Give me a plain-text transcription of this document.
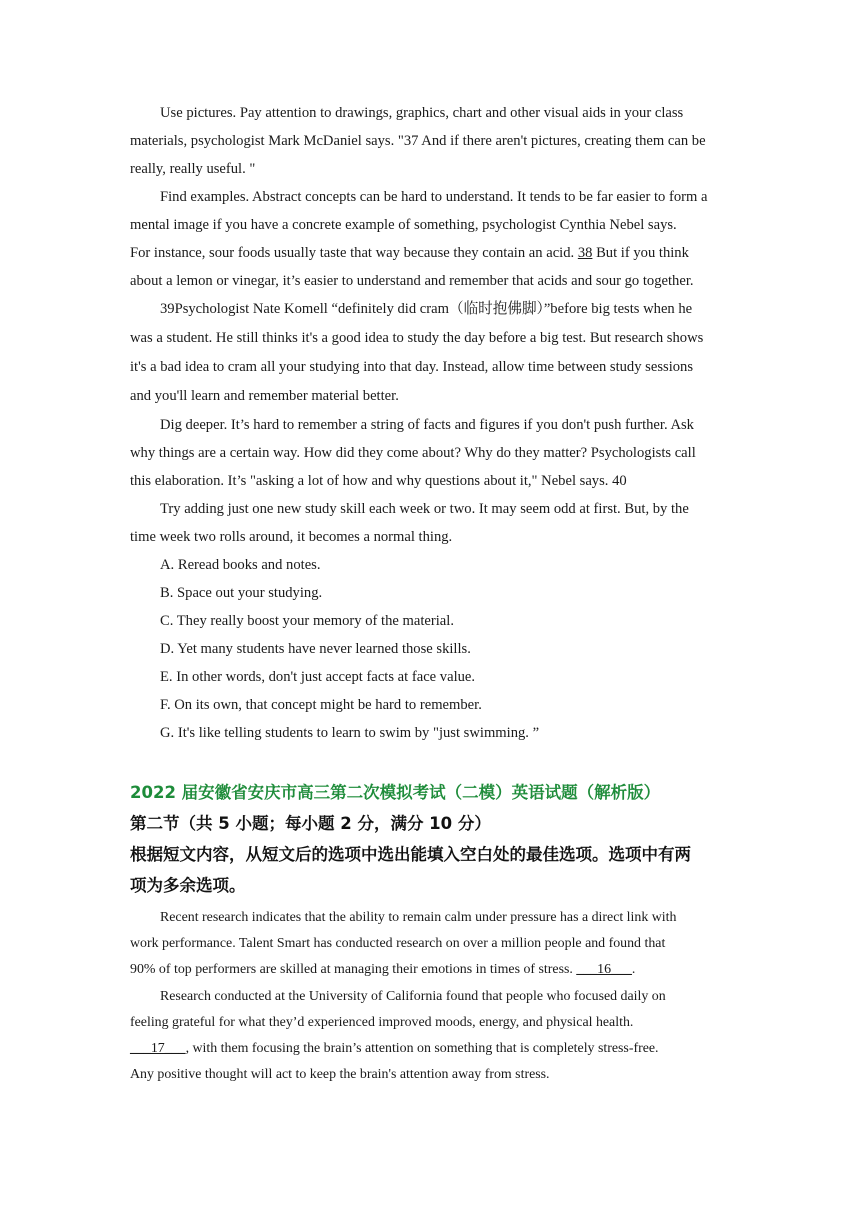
Use pictures. Pay attention to drawings, graphics, chart and other visual aids in your class
materials, psychologist Mark McDaniel says. "37 And if there aren't pictures, creating them can be
really, really useful. "

Find examples. Abstract concepts can be hard to understand. It tends to be far easier to form a
mental image if you have a concrete example of something, psychologist Cynthia Nebel says.
For instance, sour foods usually taste that way because they contain an acid. 38 But if you think
about a lemon or vinegar, it’s easier to understand and remember that acids and sour go together.

39Psychologist Nate Komell “definitely did cram（临时抱佛脚）”before big tests when he
was a student. He still thinks it's a good idea to study the day before a big test. But research shows
it's a bad idea to cram all your studying into that day. Instead, allow time between study sessions
and you'll learn and remember material better.

Dig deeper. It’s hard to remember a string of facts and figures if you don't push further. Ask
why things are a certain way. How did they come about? Why do they matter? Psychologists call
this elaboration. It’s "asking a lot of how and why questions about it," Nebel says. 40

Try adding just one new study skill each week or two. It may seem odd at first. But, by the
time week two rolls around, it becomes a normal thing.

A. Reread books and notes.

B. Space out your studying.

C. They really boost your memory of the material.

D. Yet many students have never learned those skills.

E. In other words, don't just accept facts at face value.

F. On its own, that concept might be hard to remember.

G. It's like telling students to learn to swim by "just swimming. ”

2022 届安徽省安庆市高三第二次模拟考试（二模）英语试题（解析版）
第二节（共 5 小题；每小题 2 分，满分 10 分）
根据短文内容，从短文后的选项中选出能填入空白处的最佳选项。选项中有两
项为多余选项。

Recent research indicates that the ability to remain calm under pressure has a direct link with
work performance. Talent Smart has conducted research on over a million people and found that
90% of top performers are skilled at managing their emotions in times of stress. ___16___.

Research conducted at the University of California found that people who focused daily on
feeling grateful for what they’d experienced improved moods, energy, and physical health.
___17___, with them focusing the brain’s attention on something that is completely stress-free.
Any positive thought will act to keep the brain's attention away from stress.
